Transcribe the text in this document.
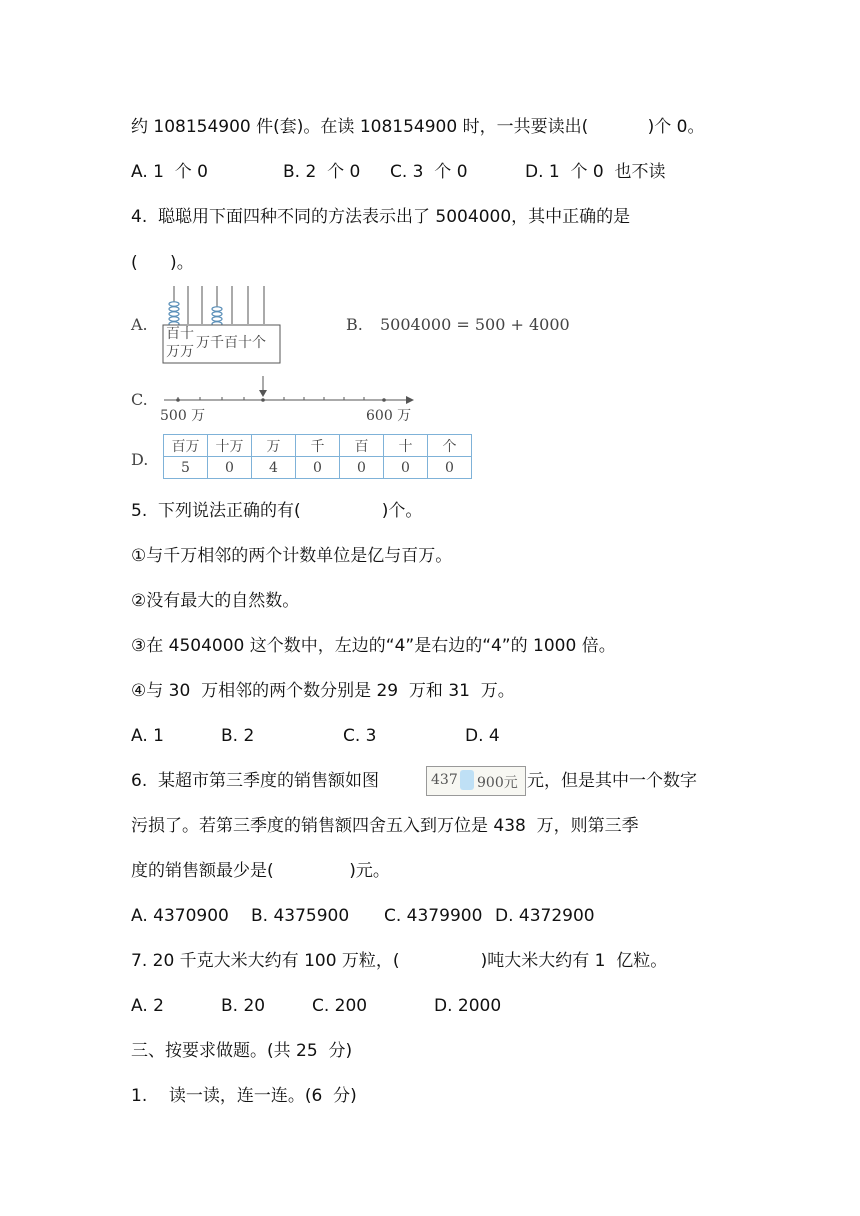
约 108154900 件(套)。在读 108154900 时，一共要读出(           )个 0。
A. 1  个 0	B. 2  个 0 C. 3  个 0	D. 1  个 0  也不读
4.  聪聪用下面四种不同的方法表示出了 5004000，其中正确的是
(      )。
A. 百十
万万
万千百十个
B. 5004000 = 500 + 4000
C.
500 万	600 万
D.
百万	十万	万	千	百	十	个
5	0	4	0	0	0	0
5.  下列说法正确的有(               )个。
①与千万相邻的两个计数单位是亿与百万。
②没有最大的自然数。
③在 4504000 这个数中，左边的“4”是右边的“4”的 1000 倍。
④与 30  万相邻的两个数分别是 29  万和 31  万。
A. 1	B. 2	C. 3	D. 4
6.  某超市第三季度的销售额如图	437 900元 元，但是其中一个数字
污损了。若第三季度的销售额四舍五入到万位是 438  万，则第三季
度的销售额最少是(              )元。
A. 4370900 B. 4375900 C. 4379900 D. 4372900
7. 20 千克大米大约有 100 万粒，(               )吨大米大约有 1  亿粒。
A. 2	B. 20	C. 200	D. 2000
三、按要求做题。(共 25  分)
1.    读一读，连一连。(6  分)
